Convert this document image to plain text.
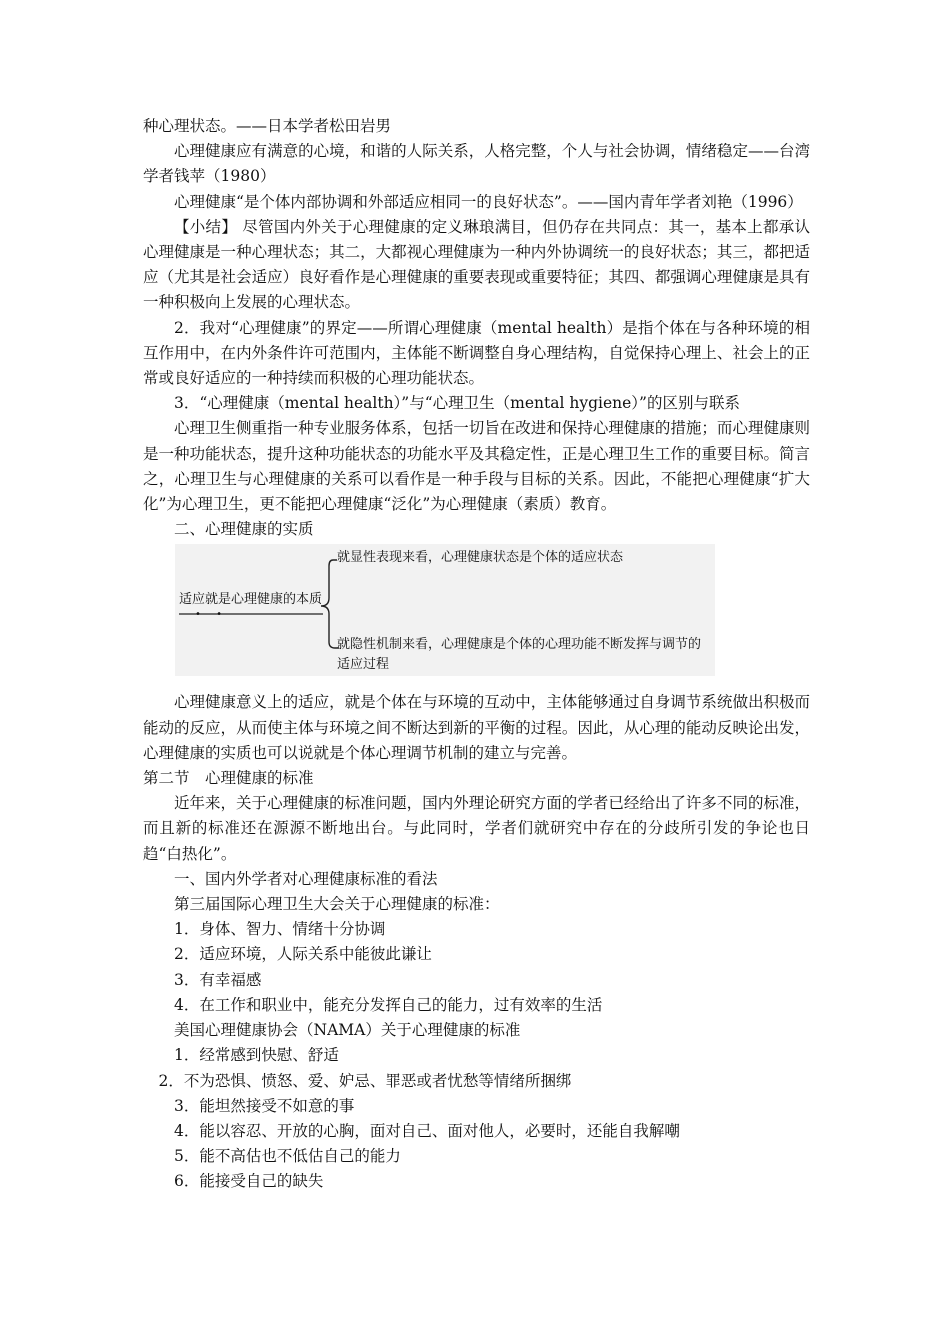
种心理状态。——日本学者松田岩男

心理健康应有满意的心境，和谐的人际关系，人格完整，个人与社会协调，情绪稳定——台湾学者钱苹（1980）

心理健康“是个体内部协调和外部适应相同一的良好状态”。——国内青年学者刘艳（1996）

【小结】 尽管国内外关于心理健康的定义琳琅满目，但仍存在共同点：其一，基本上都承认心理健康是一种心理状态；其二，大都视心理健康为一种内外协调统一的良好状态；其三，都把适应（尤其是社会适应）良好看作是心理健康的重要表现或重要特征；其四、都强调心理健康是具有一种积极向上发展的心理状态。

2．我对“心理健康”的界定——所谓心理健康（mental health）是指个体在与各种环境的相互作用中，在内外条件许可范围内，主体能不断调整自身心理结构，自觉保持心理上、社会上的正常或良好适应的一种持续而积极的心理功能状态。

3．“心理健康（mental health）”与“心理卫生（mental hygiene）”的区别与联系

心理卫生侧重指一种专业服务体系，包括一切旨在改进和保持心理健康的措施；而心理健康则是一种功能状态，提升这种功能状态的功能水平及其稳定性，正是心理卫生工作的重要目标。简言之，心理卫生与心理健康的关系可以看作是一种手段与目标的关系。因此，不能把心理健康“扩大化”为心理卫生，更不能把心理健康“泛化”为心理健康（素质）教育。

二、心理健康的实质

适应就是心理健康的本质
• •
就显性表现来看，心理健康状态是个体的适应状态
就隐性机制来看，心理健康是个体的心理功能不断发挥与调节的
适应过程

心理健康意义上的适应，就是个体在与环境的互动中，主体能够通过自身调节系统做出积极而能动的反应，从而使主体与环境之间不断达到新的平衡的过程。因此，从心理的能动反映论出发，心理健康的实质也可以说就是个体心理调节机制的建立与完善。

第二节　心理健康的标准

近年来，关于心理健康的标准问题，国内外理论研究方面的学者已经给出了许多不同的标准，而且新的标准还在源源不断地出台。与此同时，学者们就研究中存在的分歧所引发的争论也日趋“白热化”。

一、国内外学者对心理健康标准的看法

第三届国际心理卫生大会关于心理健康的标准：

1．身体、智力、情绪十分协调

2．适应环境，人际关系中能彼此谦让

3．有幸福感

4．在工作和职业中，能充分发挥自己的能力，过有效率的生活

美国心理健康协会（NAMA）关于心理健康的标准

1．经常感到快慰、舒适

2．不为恐惧、愤怒、爱、妒忌、罪恶或者忧愁等情绪所捆绑

3．能坦然接受不如意的事

4．能以容忍、开放的心胸，面对自己、面对他人，必要时，还能自我解嘲

5．能不高估也不低估自己的能力

6．能接受自己的缺失
